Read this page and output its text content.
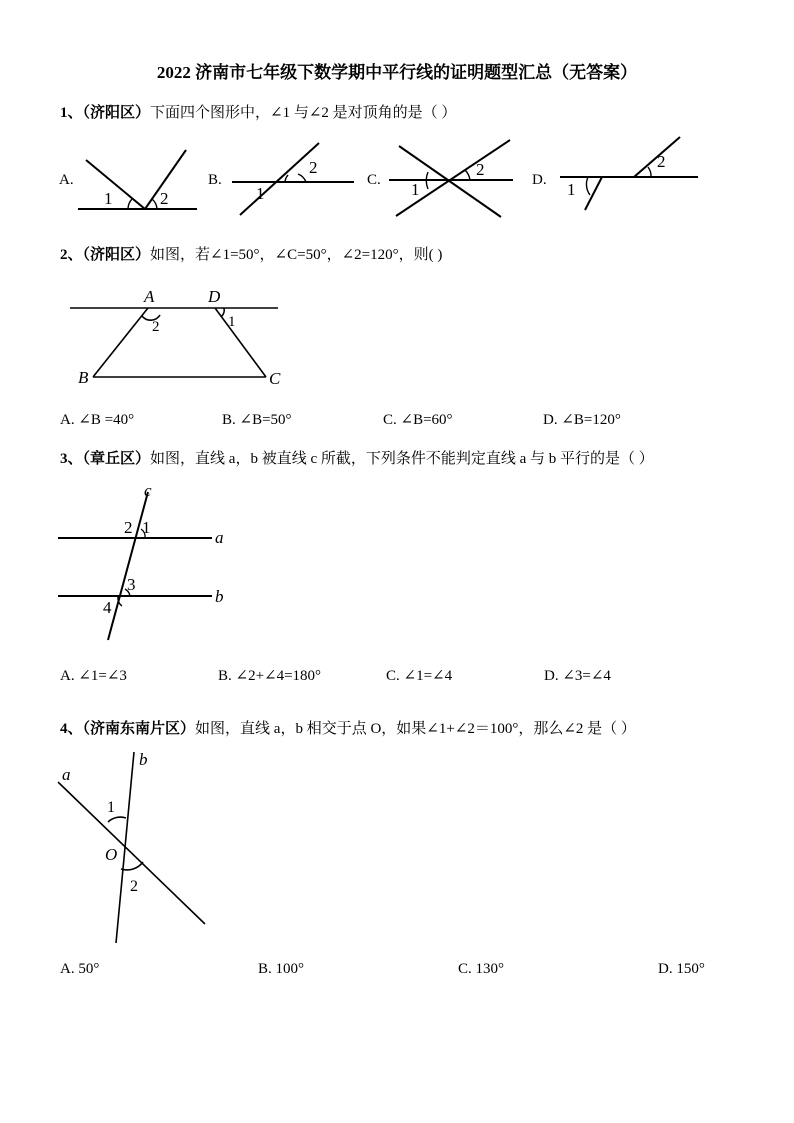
2022 济南市七年级下数学期中平行线的证明题型汇总（无答案）
1、（济阳区）下面四个图形中，∠1 与∠2 是对顶角的是（ ）
A.	B.	C.	D.
1	2	1
2
1
2
1
2
2、（济阳区）如图，若∠1=50°，∠C=50°，∠2=120°，则( )
A	D
B	C
1
2
A. ∠B =40°	B. ∠B=50°	C. ∠B=60°	D. ∠B=120°
3、（章丘区）如图，直线 a，b 被直线 c 所截，下列条件不能判定直线 a 与 b 平行的是（ ）
c
a
b
2 1
3
4
A. ∠1=∠3	B. ∠2+∠4=180°	C. ∠1=∠4	D. ∠3=∠4
4、（济南东南片区）如图，直线 a，b 相交于点 O，如果∠1+∠2＝100°，那么∠2 是（ ）
a
b
O
1
2
A. 50°	B. 100°	C. 130°	D. 150°
